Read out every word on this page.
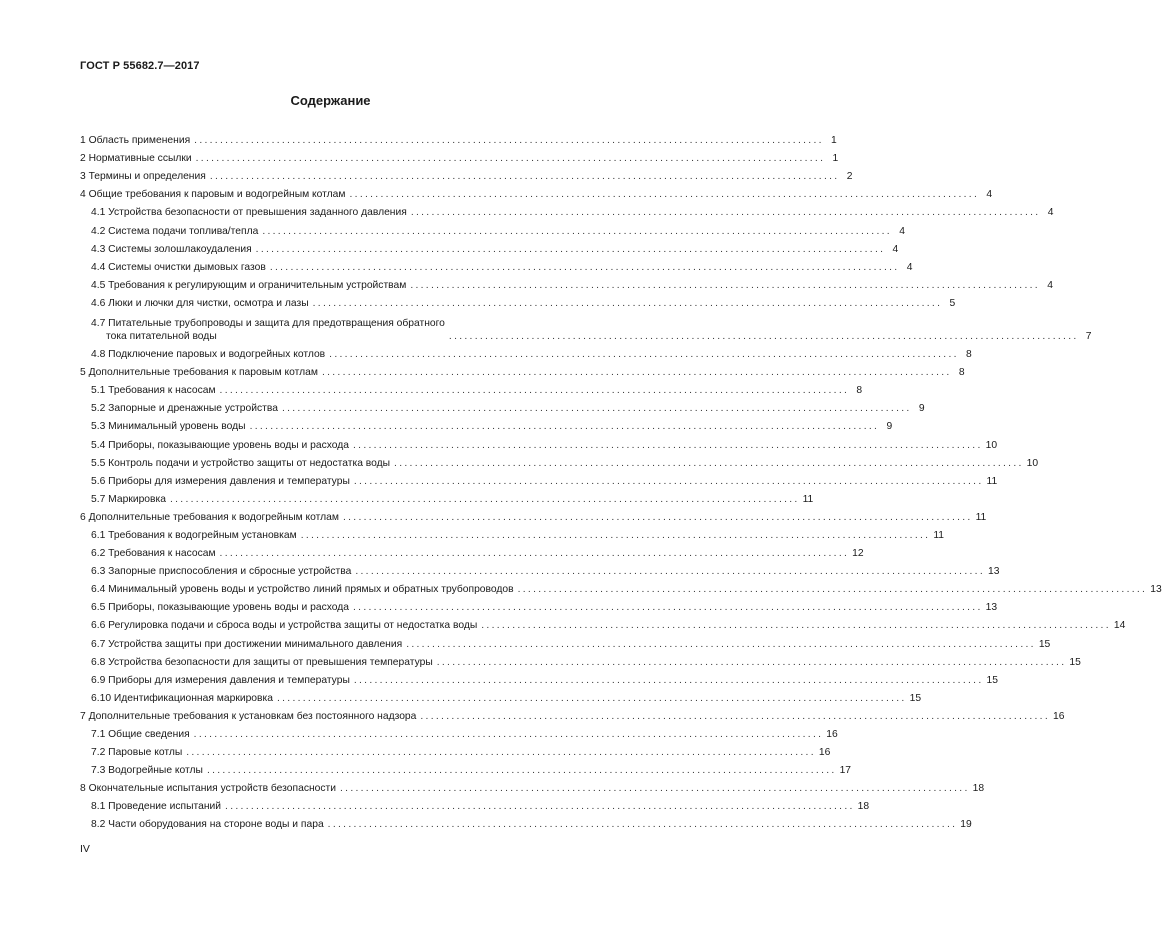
ГОСТ Р 55682.7—2017
Содержание
1 Область применения .......................................................................................................................... 1
2 Нормативные ссылки .......................................................................................................................... 1
3 Термины и определения .......................................................................................................................... 2
4 Общие требования к паровым и водогрейным котлам .......................................................................................................................... 4
4.1 Устройства безопасности от превышения заданного давления .......................................................................................................................... 4
4.2 Система подачи топлива/тепла .......................................................................................................................... 4
4.3 Системы золошлакоудаления .......................................................................................................................... 4
4.4 Системы очистки дымовых газов .......................................................................................................................... 4
4.5 Требования к регулирующим и ограничительным устройствам .......................................................................................................................... 4
4.6 Люки и лючки для чистки, осмотра и лазы .......................................................................................................................... 5
4.7 Питательные трубопроводы и защита для предотвращения обратного
тока питательной воды	.......................................................................................................................... 7
4.8 Подключение паровых и водогрейных котлов .......................................................................................................................... 8
5 Дополнительные требования к паровым котлам .......................................................................................................................... 8
5.1 Требования к насосам .......................................................................................................................... 8
5.2 Запорные и дренажные устройства .......................................................................................................................... 9
5.3 Минимальный уровень воды .......................................................................................................................... 9
5.4 Приборы, показывающие уровень воды и расхода .......................................................................................................................... 10
5.5 Контроль подачи и устройство защиты от недостатка воды .......................................................................................................................... 10
5.6 Приборы для измерения давления и температуры .......................................................................................................................... 11
5.7 Маркировка .......................................................................................................................... 11
6 Дополнительные требования к водогрейным котлам .......................................................................................................................... 11
6.1 Требования к водогрейным установкам .......................................................................................................................... 11
6.2 Требования к насосам .......................................................................................................................... 12
6.3 Запорные приспособления и сбросные устройства .......................................................................................................................... 13
6.4 Минимальный уровень воды и устройство линий прямых и обратных трубопроводов .......................................................................................................................... 13
6.5 Приборы, показывающие уровень воды и расхода .......................................................................................................................... 13
6.6 Регулировка подачи и сброса воды и устройства защиты от недостатка воды .......................................................................................................................... 14
6.7 Устройства защиты при достижении минимального давления .......................................................................................................................... 15
6.8 Устройства безопасности для защиты от превышения температуры .......................................................................................................................... 15
6.9 Приборы для измерения давления и температуры .......................................................................................................................... 15
6.10 Идентификационная маркировка .......................................................................................................................... 15
7 Дополнительные требования к установкам без постоянного надзора .......................................................................................................................... 16
7.1 Общие сведения .......................................................................................................................... 16
7.2 Паровые котлы .......................................................................................................................... 16
7.3 Водогрейные котлы .......................................................................................................................... 17
8 Окончательные испытания устройств безопасности .......................................................................................................................... 18
8.1 Проведение испытаний .......................................................................................................................... 18
8.2 Части оборудования на стороне воды и пара .......................................................................................................................... 19
IV
